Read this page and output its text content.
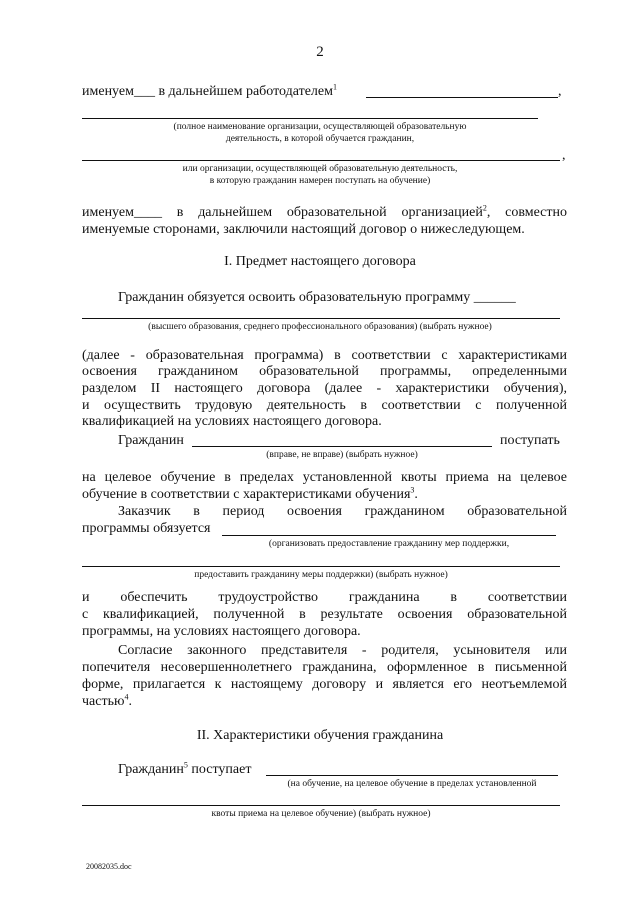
2
именуем___ в дальнейшем работодателем$^1$	,
(полное наименование организации, осуществляющей образовательную
деятельность, в которой обучается гражданин,
,
или организации, осуществляющей образовательную деятельность,
в которую гражданин намерен поступать на обучение)
именуем____ в дальнейшем образовательной организацией$^2$, совместно
именуемые сторонами, заключили настоящий договор о нижеследующем.
I. Предмет настоящего договора
Гражданин обязуется освоить образовательную программу ______
(высшего образования, среднего профессионального образования) (выбрать нужное)
(далее - образовательная программа) в соответствии с характеристиками
освоения гражданином образовательной программы, определенными
разделом II настоящего договора (далее - характеристики обучения),
и осуществить трудовую деятельность в соответствии с полученной
квалификацией на условиях настоящего договора.
Гражданин	поступать
(вправе, не вправе) (выбрать нужное)
на целевое обучение в пределах установленной квоты приема на целевое
обучение в соответствии с характеристиками обучения$^3$.
Заказчик в период освоения гражданином образовательной
программы обязуется
(организовать предоставление гражданину мер поддержки,
предоставить гражданину меры поддержки) (выбрать нужное)
и обеспечить трудоустройство гражданина в соответствии
с квалификацией, полученной в результате освоения образовательной
программы, на условиях настоящего договора.
Согласие законного представителя - родителя, усыновителя или
попечителя несовершеннолетнего гражданина, оформленное в письменной
форме, прилагается к настоящему договору и является его неотъемлемой
частью$^4$.
II. Характеристики обучения гражданина
Гражданин$^5$ поступает
(на обучение, на целевое обучение в пределах установленной
квоты приема на целевое обучение) (выбрать нужное)
20082035.doc
